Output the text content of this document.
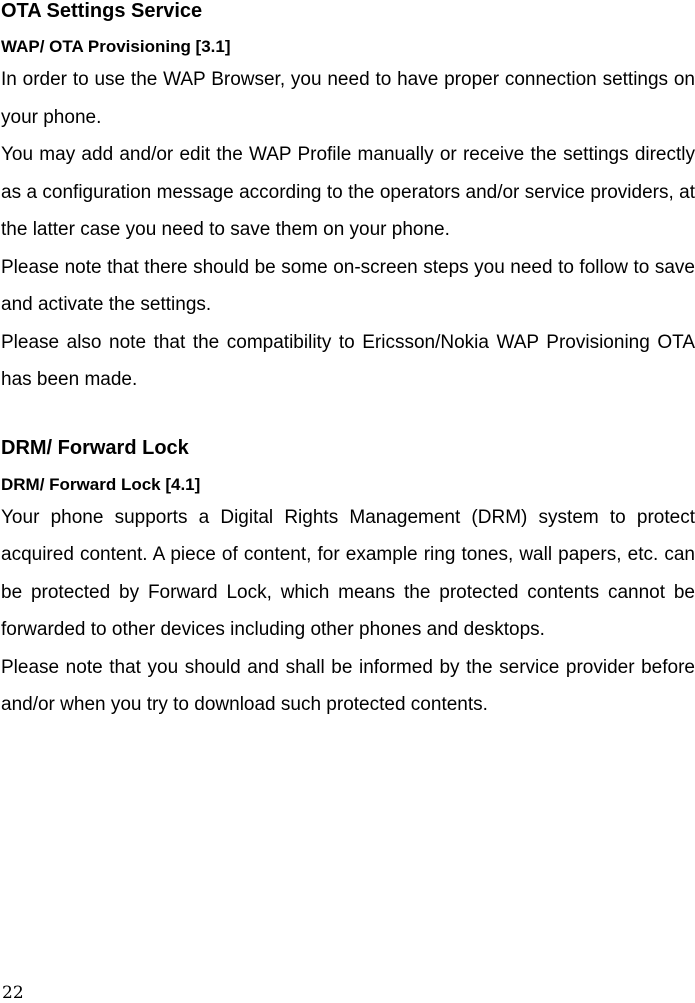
OTA Settings Service
WAP/ OTA Provisioning [3.1]

In order to use the WAP Browser, you need to have proper connection settings on your phone.

You may add and/or edit the WAP Profile manually or receive the settings directly as a configuration message according to the operators and/or service providers, at the latter case you need to save them on your phone.

Please note that there should be some on-screen steps you need to follow to save and activate the settings.

Please also note that the compatibility to Ericsson/Nokia WAP Provisioning OTA has been made.

DRM/ Forward Lock
DRM/ Forward Lock [4.1]

Your phone supports a Digital Rights Management (DRM) system to protect acquired content. A piece of content, for example ring tones, wall papers, etc. can be protected by Forward Lock, which means the protected contents cannot be forwarded to other devices including other phones and desktops.

Please note that you should and shall be informed by the service provider before and/or when you try to download such protected contents.

22
